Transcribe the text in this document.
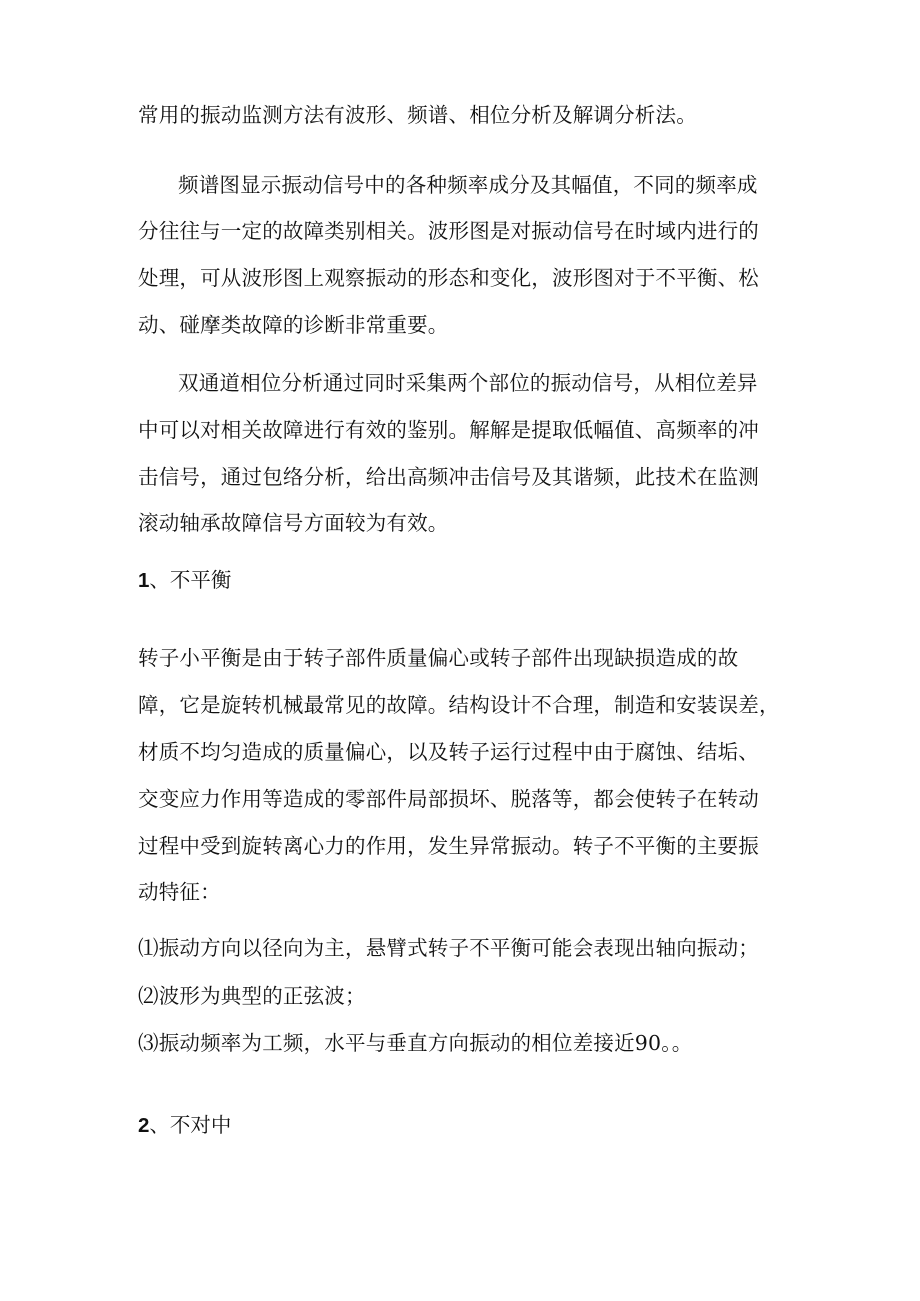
常用的振动监测方法有波形、频谱、相位分析及解调分析法。
频谱图显示振动信号中的各种频率成分及其幅值，不同的频率成
分往往与一定的故障类别相关。波形图是对振动信号在时域内进行的
处理，可从波形图上观察振动的形态和变化，波形图对于不平衡、松
动、碰摩类故障的诊断非常重要。
双通道相位分析通过同时采集两个部位的振动信号，从相位差异
中可以对相关故障进行有效的鉴别。解解是提取低幅值、高频率的冲
击信号，通过包络分析，给出高频冲击信号及其谐频，此技术在监测
滚动轴承故障信号方面较为有效。
1、不平衡
转子小平衡是由于转子部件质量偏心或转子部件出现缺损造成的故
障，它是旋转机械最常见的故障。结构设计不合理，制造和安装误差，
材质不均匀造成的质量偏心，以及转子运行过程中由于腐蚀、结垢、
交变应力作用等造成的零部件局部损坏、脱落等，都会使转子在转动
过程中受到旋转离心力的作用，发生异常振动。转子不平衡的主要振
动特征：
⑴振动方向以径向为主，悬臂式转子不平衡可能会表现出轴向振动；
⑵波形为典型的正弦波；
⑶振动频率为工频，水平与垂直方向振动的相位差接近90。。
2、不对中
